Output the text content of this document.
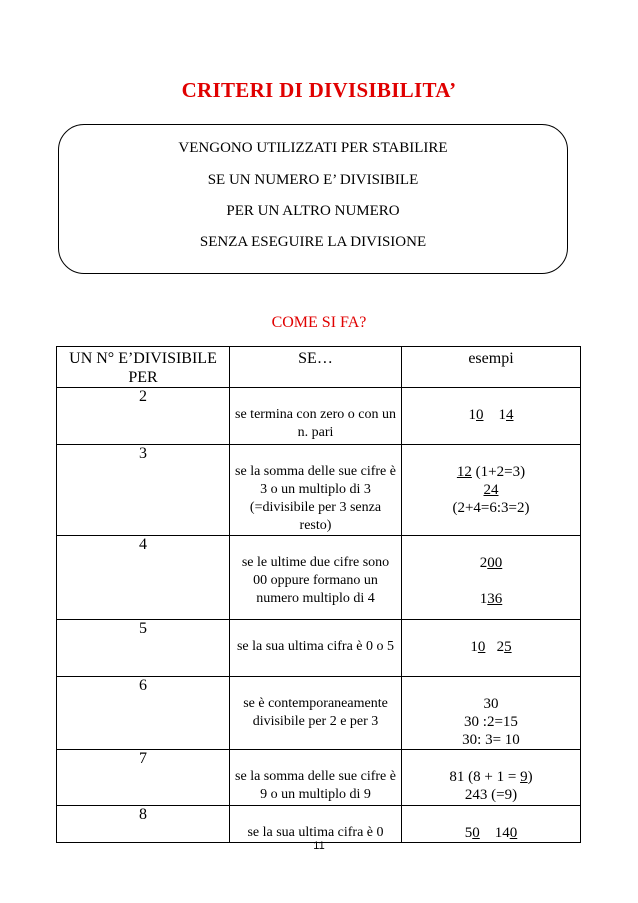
CRITERI DI DIVISIBILITA’
VENGONO UTILIZZATI PER STABILIRE
SE UN NUMERO E’ DIVISIBILE
PER UN ALTRO NUMERO
SENZA ESEGUIRE LA DIVISIONE
COME SI FA?
UN N° E’DIVISIBILE PER	SE…	esempi
2	se termina con zero o con un n. pari	10    14

3	se la somma delle sue cifre è 3 o un multiplo di 3 (=divisibile per 3 senza resto)	12 (1+2=3)
24
(2+4=6:3=2)

4	se le ultime due cifre sono 00 oppure formano un numero multiplo di 4	200

136

5	se la sua ultima cifra è 0 o 5	10   25

6	se è contemporaneamente divisibile per 2 e per 3	30
30 :2=15
30: 3= 10

7	se la somma delle sue cifre è 9 o un multiplo di 9	81 (8 + 1 = 9)
243 (=9)

8	se la sua ultima cifra è 0	50    140
11
